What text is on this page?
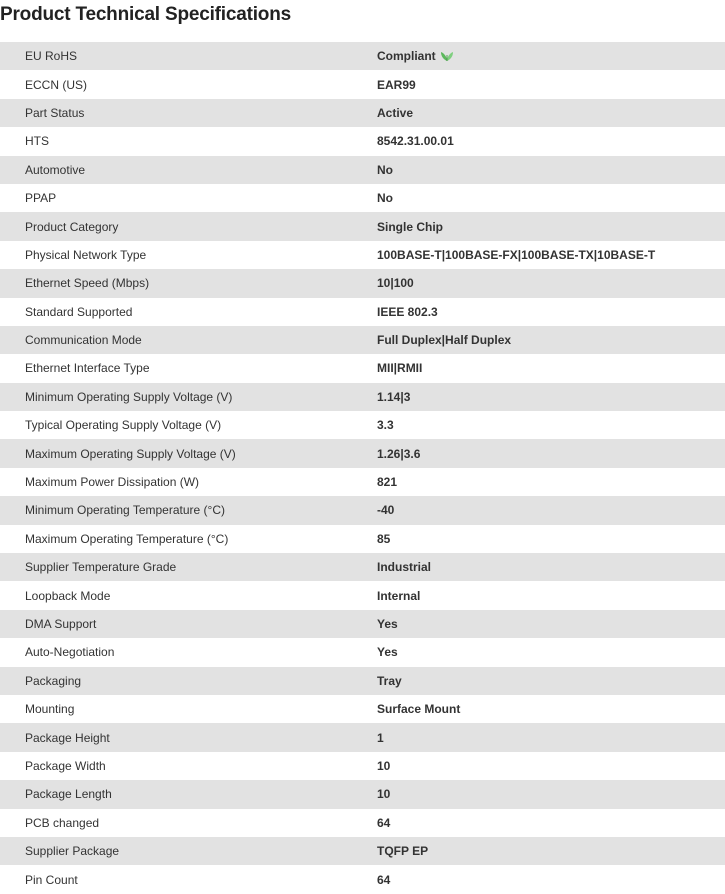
Product Technical Specifications
EU RoHS	Compliant
ECCN (US)	EAR99
Part Status	Active
HTS	8542.31.00.01
Automotive	No
PPAP	No
Product Category	Single Chip
Physical Network Type	100BASE-T|100BASE-FX|100BASE-TX|10BASE-T
Ethernet Speed (Mbps)	10|100
Standard Supported	IEEE 802.3
Communication Mode	Full Duplex|Half Duplex
Ethernet Interface Type	MII|RMII
Minimum Operating Supply Voltage (V)	1.14|3
Typical Operating Supply Voltage (V)	3.3
Maximum Operating Supply Voltage (V)	1.26|3.6
Maximum Power Dissipation (W)	821
Minimum Operating Temperature (°C)	-40
Maximum Operating Temperature (°C)	85
Supplier Temperature Grade	Industrial
Loopback Mode	Internal
DMA Support	Yes
Auto-Negotiation	Yes
Packaging	Tray
Mounting	Surface Mount
Package Height	1
Package Width	10
Package Length	10
PCB changed	64
Supplier Package	TQFP EP
Pin Count	64
